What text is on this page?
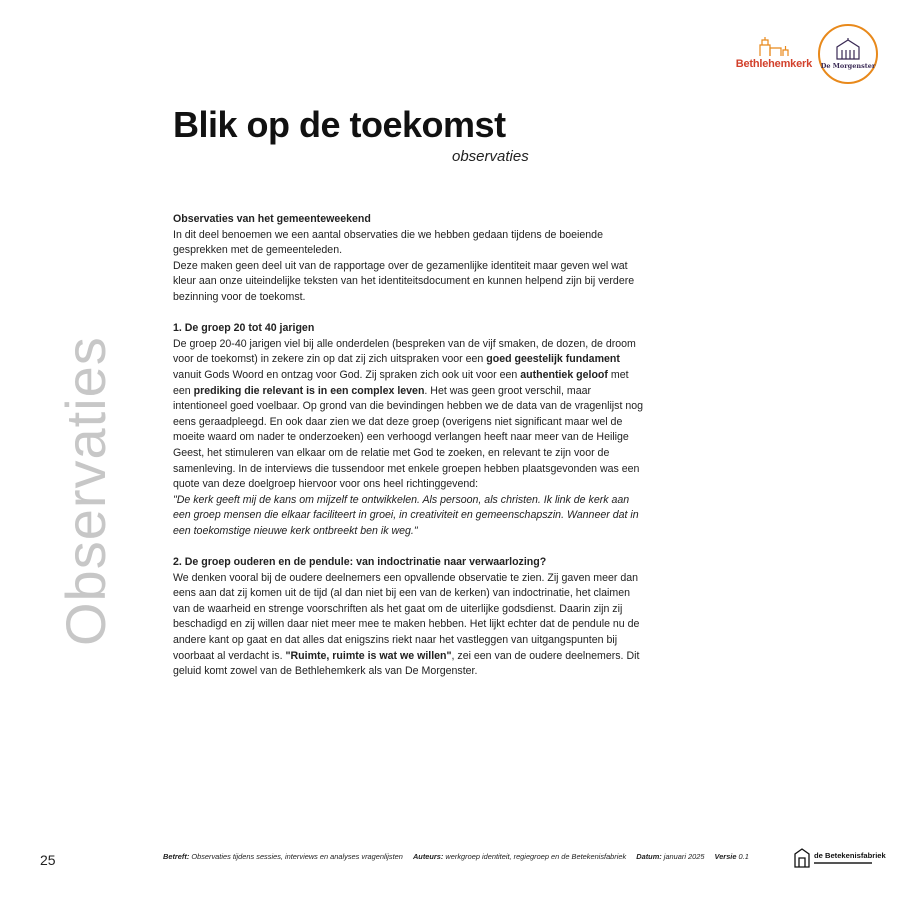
Bethlehemkerk De Morgenster
Blik op de toekomst

observaties

Observaties
Observaties van het gemeenteweekend

In dit deel benoemen we een aantal observaties die we hebben gedaan tijdens de boeiende gesprekken met de gemeenteleden.

Deze maken geen deel uit van de rapportage over de gezamenlijke identiteit maar geven wel wat kleur aan onze uiteindelijke teksten van het identiteitsdocument en kunnen helpend zijn bij verdere bezinning voor de toekomst.

1. De groep 20 tot 40 jarigen

De groep 20-40 jarigen viel bij alle onderdelen (bespreken van de vijf smaken, de dozen, de droom voor de toekomst) in zekere zin op dat zij zich uitspraken voor een goed geestelijk fundament vanuit Gods Woord en ontzag voor God. Zij spraken zich ook uit voor een authentiek geloof met een prediking die relevant is in een complex leven. Het was geen groot verschil, maar intentioneel goed voelbaar. Op grond van die bevindingen hebben we de data van de vragenlijst nog eens geraadpleegd. En ook daar zien we dat deze groep (overigens niet significant maar wel de moeite waard om nader te onderzoeken) een verhoogd verlangen heeft naar meer van de Heilige Geest, het stimuleren van elkaar om de relatie met God te zoeken, en relevant te zijn voor de samenleving. In de interviews die tussendoor met enkele groepen hebben plaatsgevonden was een quote van deze doelgroep hiervoor voor ons heel richtinggevend:

"De kerk geeft mij de kans om mijzelf te ontwikkelen. Als persoon, als christen. Ik link de kerk aan een groep mensen die elkaar faciliteert in groei, in creativiteit en gemeenschapszin. Wanneer dat in een toekomstige nieuwe kerk ontbreekt ben ik weg."

2. De groep ouderen en de pendule: van indoctrinatie naar verwaarlozing?

We denken vooral bij de oudere deelnemers een opvallende observatie te zien. Zij gaven meer dan eens aan dat zij komen uit de tijd (al dan niet bij een van de kerken) van indoctrinatie, het claimen van de waarheid en strenge voorschriften als het gaat om de uiterlijke godsdienst. Daarin zijn zij beschadigd en zij willen daar niet meer mee te maken hebben. Het lijkt echter dat de pendule nu de andere kant op gaat en dat alles dat enigszins riekt naar het vastleggen van uitgangspunten bij voorbaat al verdacht is. "Ruimte, ruimte is wat we willen", zei een van de oudere deelnemers. Dit geluid komt zowel van de Bethlehemkerk als van De Morgenster.

25	Betreft: Observaties tijdens sessies, interviews en analyses vragenlijsten Auteurs: werkgroep identiteit, regiegroep en de Betekenisfabriek Datum: januari 2025 Versie 0.1	de Betekenisfabriek
